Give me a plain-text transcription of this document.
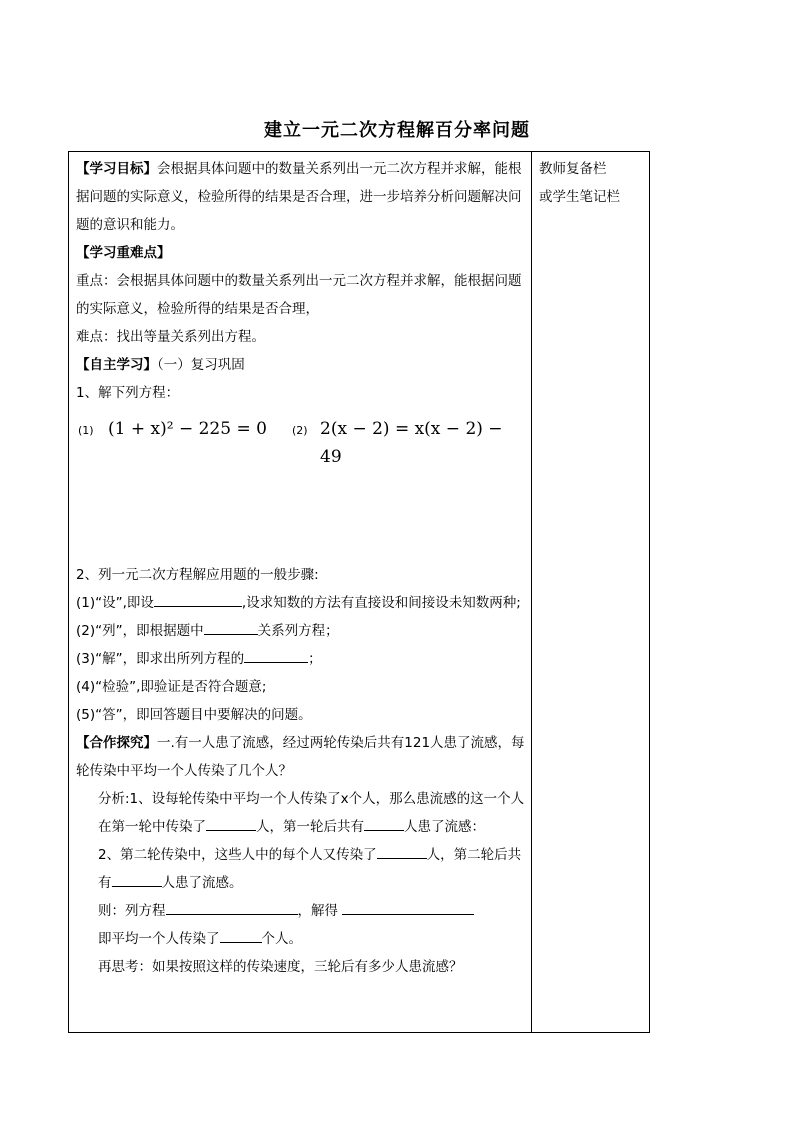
建立一元二次方程解百分率问题
教师复备栏
或学生笔记栏

【学习目标】会根据具体问题中的数量关系列出一元二次方程并求解，能根据问题的实际意义，检验所得的结果是否合理，进一步培养分析问题解决问题的意识和能力。

【学习重难点】

重点：会根据具体问题中的数量关系列出一元二次方程并求解，能根据问题的实际意义，检验所得的结果是否合理，

难点：找出等量关系列出方程。

【自主学习】（一）复习巩固

1、解下列方程：

(1) (1 + x)² − 225 = 0 (2) 2(x − 2) = x(x − 2) − 49

2、列一元二次方程解应用题的一般步骤:

(1)“设”,即设	,设求知数的方法有直接设和间接设未知数两种;

(2)“列”，即根据题中	关系列方程；

(3)“解”，即求出所列方程的	；

(4)“检验”,即验证是否符合题意;

(5)“答”，即回答题目中要解决的问题。

【合作探究】一.有一人患了流感，经过两轮传染后共有121人患了流感，每轮传染中平均一个人传染了几个人？

分析:1、设每轮传染中平均一个人传染了x个人，那么患流感的这一个人在第一轮中传染了	人，第一轮后共有	人患了流感：

2、第二轮传染中，这些人中的每个人又传染了	人，第二轮后共有	人患了流感。

则：列方程	，解得

即平均一个人传染了	个人。

再思考：如果按照这样的传染速度，三轮后有多少人患流感？
